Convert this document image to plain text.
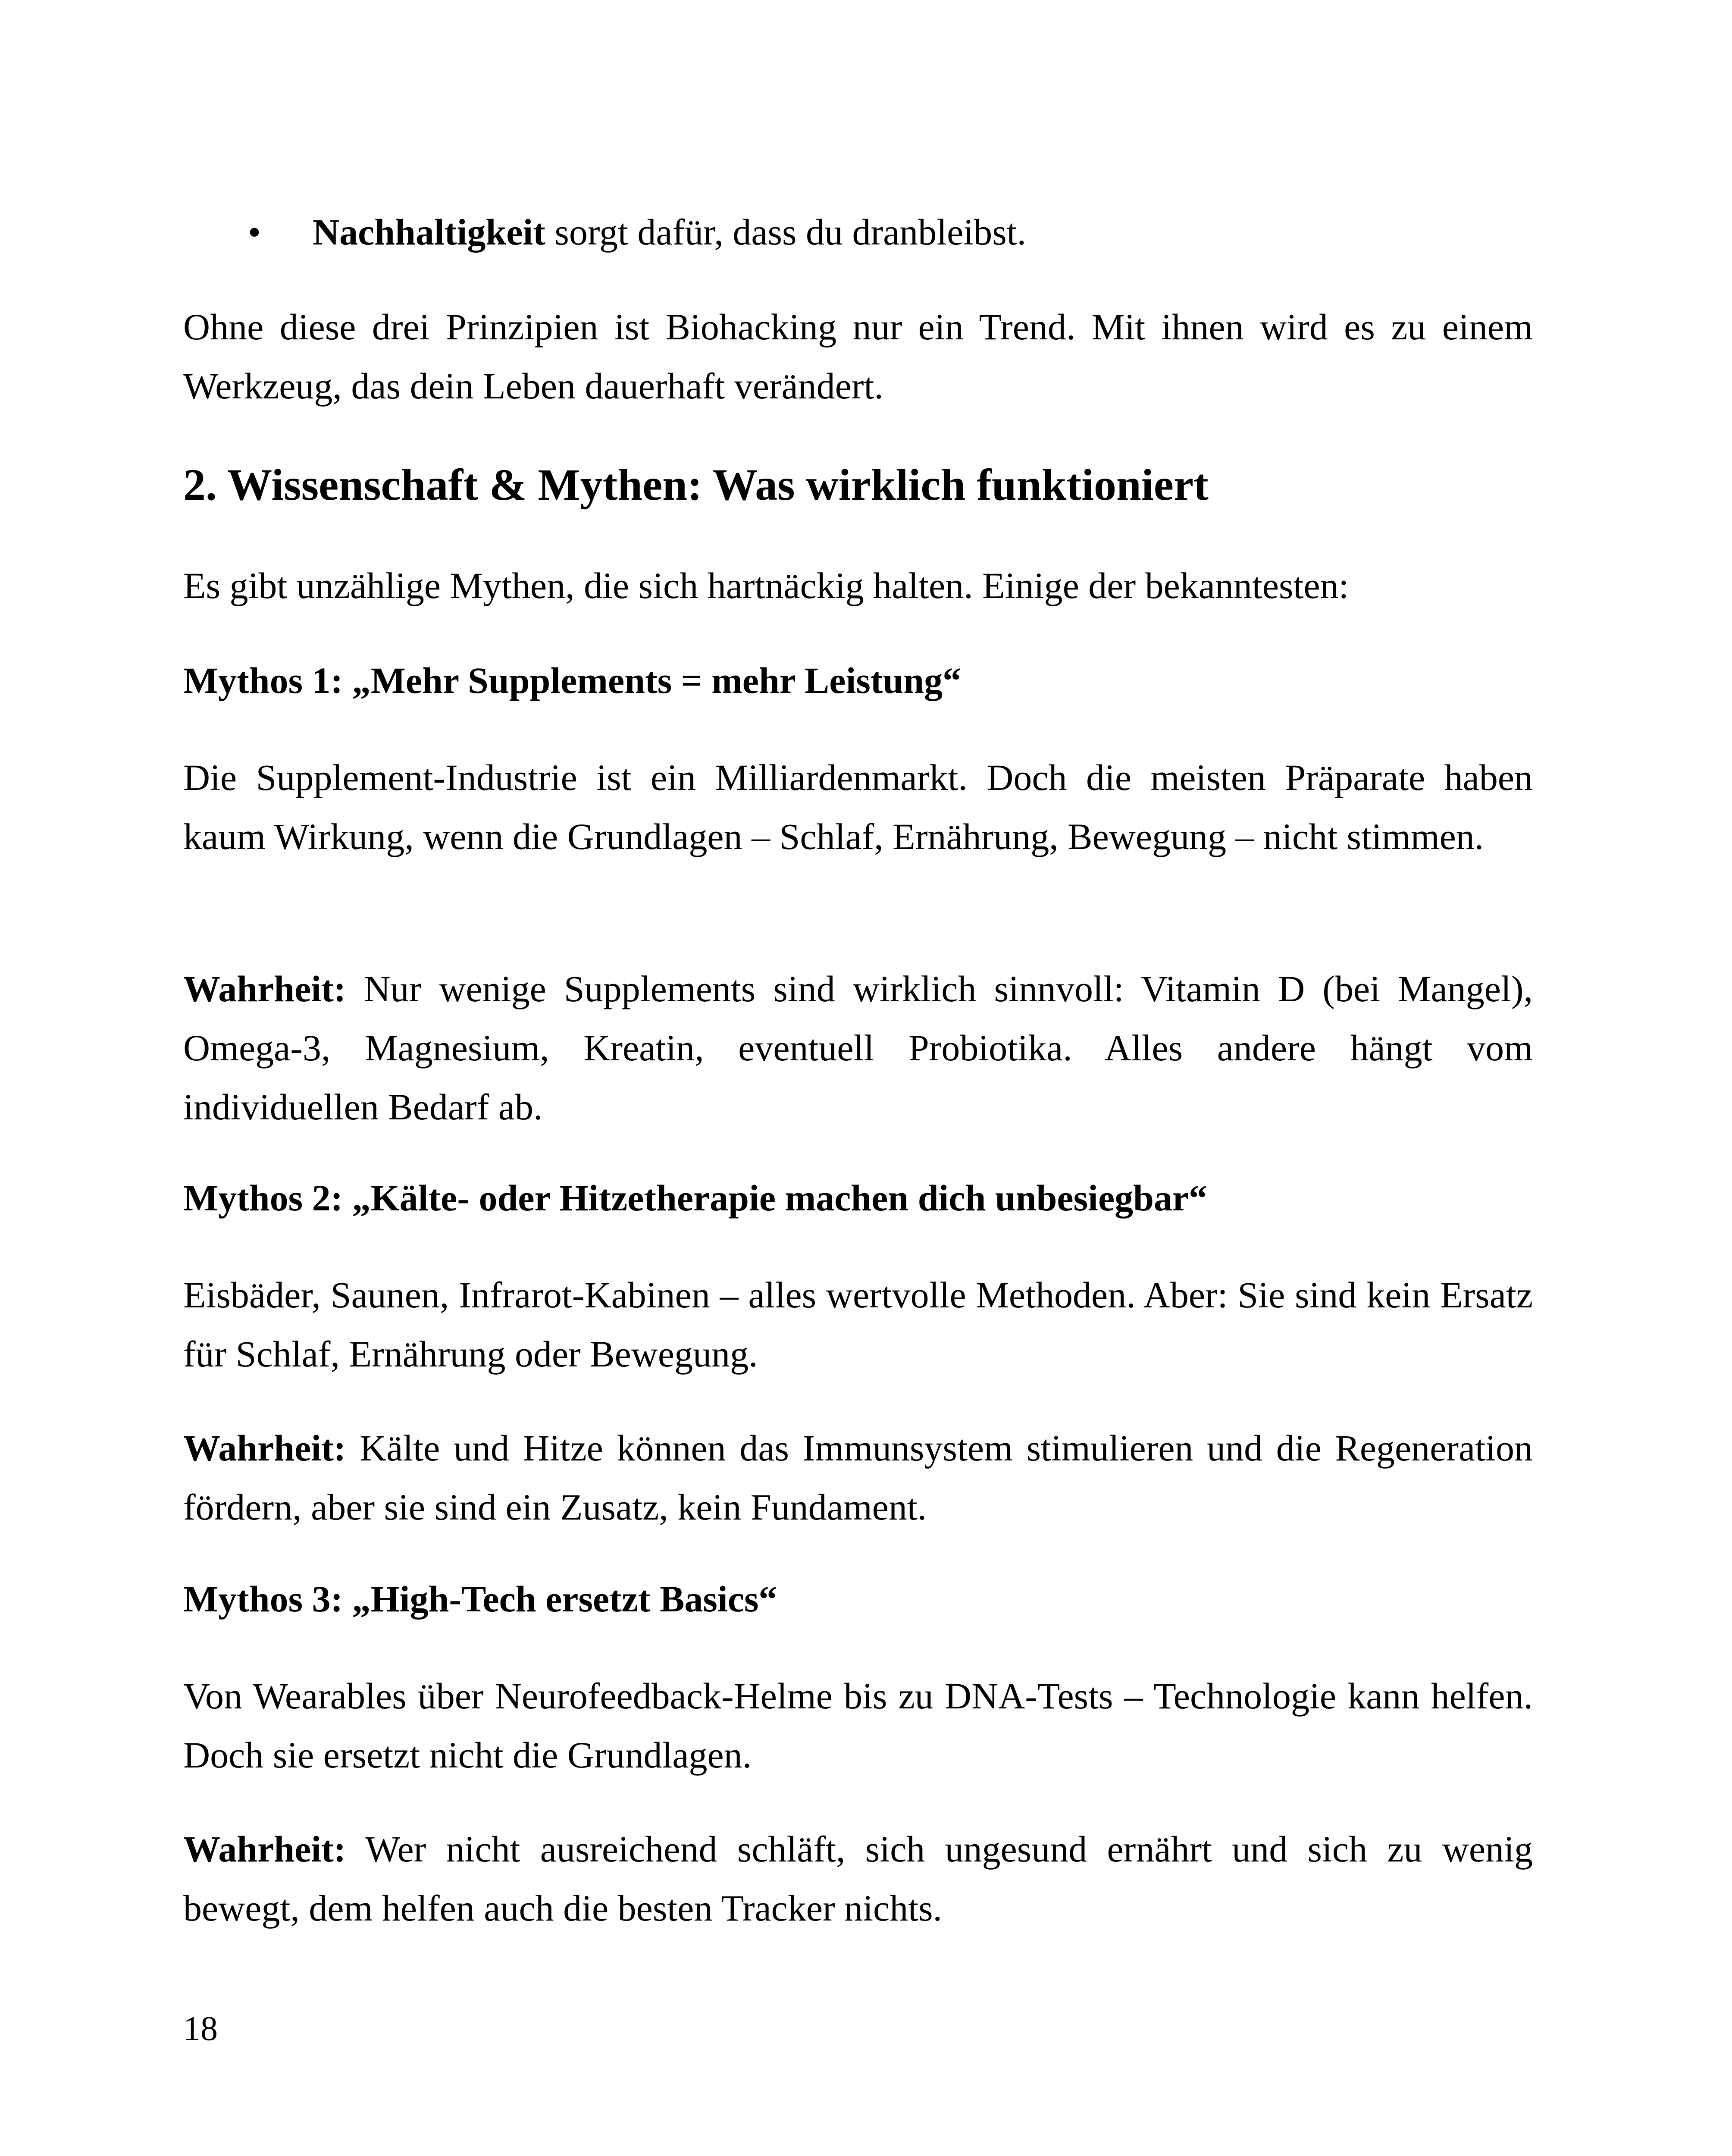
• Nachhaltigkeit sorgt dafür, dass du dranbleibst.

Ohne diese drei Prinzipien ist Biohacking nur ein Trend. Mit ihnen wird es zu einem Werkzeug, das dein Leben dauerhaft verändert.

2. Wissenschaft & Mythen: Was wirklich funktioniert

Es gibt unzählige Mythen, die sich hartnäckig halten. Einige der bekanntesten:

Mythos 1: „Mehr Supplements = mehr Leistung“

Die Supplement-Industrie ist ein Milliardenmarkt. Doch die meisten Präparate haben kaum Wirkung, wenn die Grundlagen – Schlaf, Ernährung, Bewegung – nicht stimmen.

Wahrheit: Nur wenige Supplements sind wirklich sinnvoll: Vitamin D (bei Mangel), Omega-3, Magnesium, Kreatin, eventuell Probiotika. Alles andere hängt vom individuellen Bedarf ab.

Mythos 2: „Kälte- oder Hitzetherapie machen dich unbesiegbar“

Eisbäder, Saunen, Infrarot-Kabinen – alles wertvolle Methoden. Aber: Sie sind kein Ersatz für Schlaf, Ernährung oder Bewegung.

Wahrheit: Kälte und Hitze können das Immunsystem stimulieren und die Regeneration fördern, aber sie sind ein Zusatz, kein Fundament.

Mythos 3: „High-Tech ersetzt Basics“

Von Wearables über Neurofeedback-Helme bis zu DNA-Tests – Technologie kann helfen. Doch sie ersetzt nicht die Grundlagen.

Wahrheit: Wer nicht ausreichend schläft, sich ungesund ernährt und sich zu wenig bewegt, dem helfen auch die besten Tracker nichts.

18
